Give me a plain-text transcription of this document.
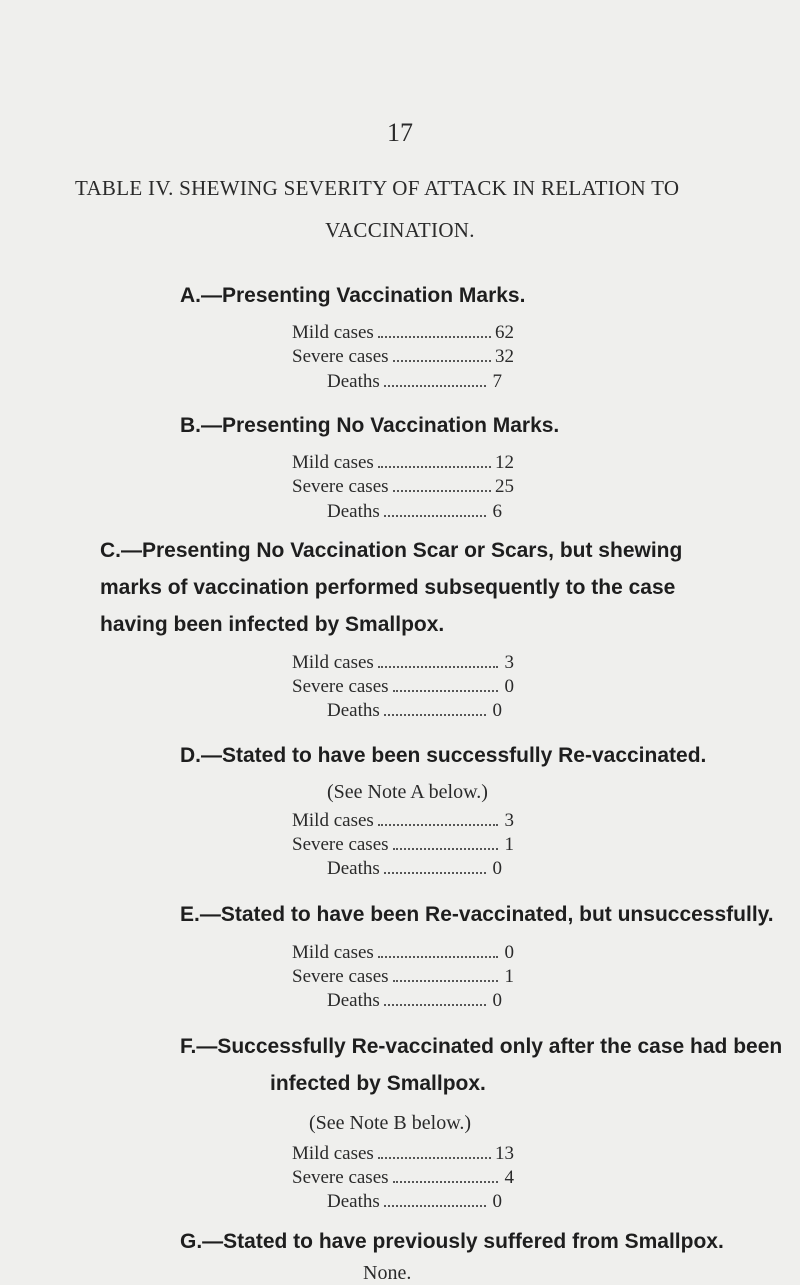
17
TABLE IV. SHEWING SEVERITY OF ATTACK IN RELATION TO
VACCINATION.
A.—Presenting Vaccination Marks.
Mild cases	62
Severe cases	32
Deaths	7
B.—Presenting No Vaccination Marks.
Mild cases	12
Severe cases	25
Deaths	6
C.—Presenting No Vaccination Scar or Scars, but shewing marks of vaccination performed subsequently to the case having been infected by Smallpox.
Mild cases	3
Severe cases	0
Deaths	0
D.—Stated to have been successfully Re-vaccinated.
(See Note A below.)
Mild cases	3
Severe cases	1
Deaths	0
E.—Stated to have been Re-vaccinated, but unsuccessfully.
Mild cases	0
Severe cases	1
Deaths	0
F.—Successfully Re-vaccinated only after the case had been
infected by Smallpox.
(See Note B below.)
Mild cases	13
Severe cases	4
Deaths	0
G.—Stated to have previously suffered from Smallpox.
None.
